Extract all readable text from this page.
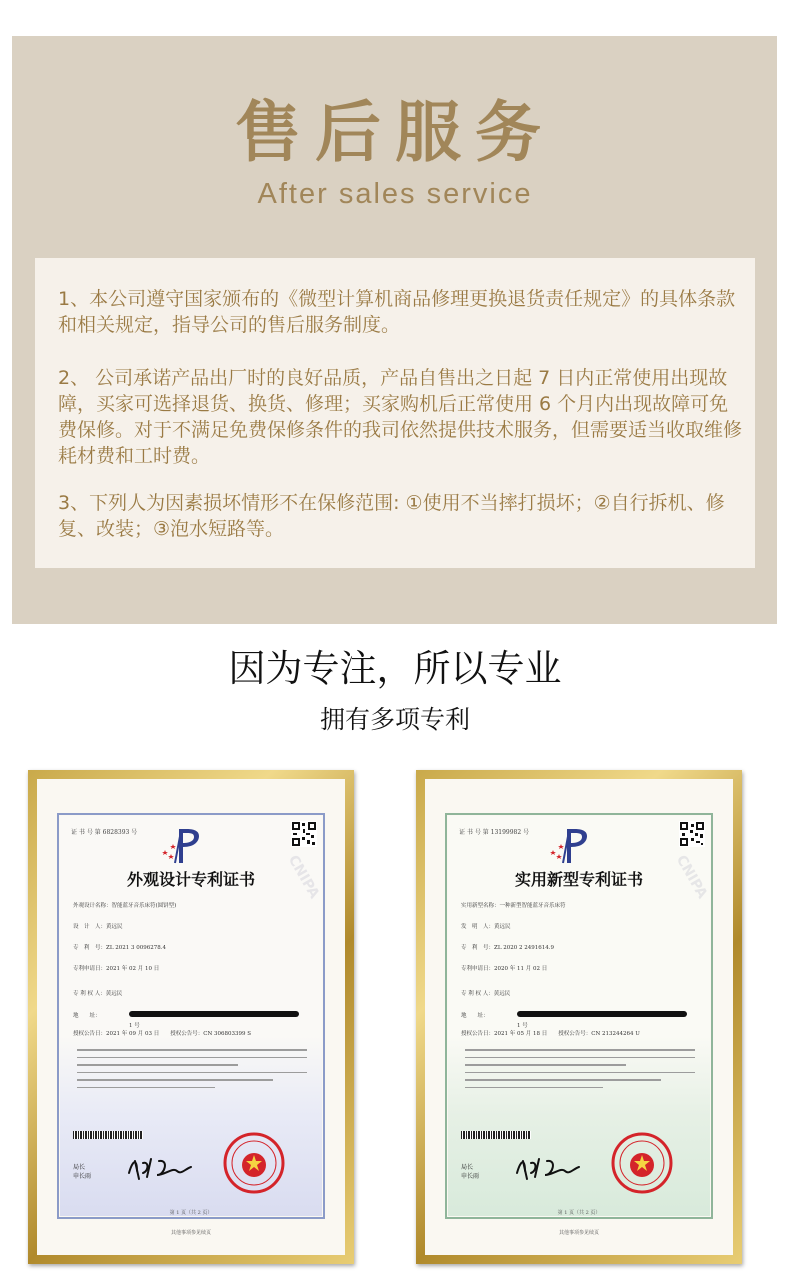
售后服务
After sales service
1、本公司遵守国家颁布的《微型计算机商品修理更换退货责任规定》的具体条款和相关规定，指导公司的售后服务制度。
2、 公司承诺产品出厂时的良好品质，产品自售出之日起 7 日内正常使用出现故障，买家可选择退货、换货、修理；买家购机后正常使用 6 个月内出现故障可免费保修。对于不满足免费保修条件的我司依然提供技术服务，但需要适当收取维修耗材费和工时费。
3、下列人为因素损坏情形不在保修范围: ①使用不当摔打损坏；②自行拆机、修复、改装；③泡水短路等。
因为专注，所以专业
拥有多项专利
CNIPA
证 书 号 第 6828393 号
外观设计专利证书
外观设计名称：智能蓝牙音乐床符(圆饼型)
设　计　人：黄远民
专　利　号：ZL 2021 3 0096278.4
专利申请日：2021 年 02 月 10 日
专 利 权 人：黄远民
地　　址：
1 号
授权公告日：2021 年 09 月 03 日　　授权公告号：CN 306803399 S
局长
申长雨
第 1 页（共 2 页）
其他事项参见续页
CNIPA
证 书 号 第 13199982 号
实用新型专利证书
实用新型名称：一种新型智能蓝牙音乐床符
发　明　人：黄远民
专　利　号：ZL 2020 2 2491614.9
专利申请日：2020 年 11 月 02 日
专 利 权 人：黄远民
地　　址：
1 号
授权公告日：2021 年 05 月 18 日　　授权公告号：CN 213244264 U
局长
申长雨
第 1 页（共 2 页）
其他事项参见续页
